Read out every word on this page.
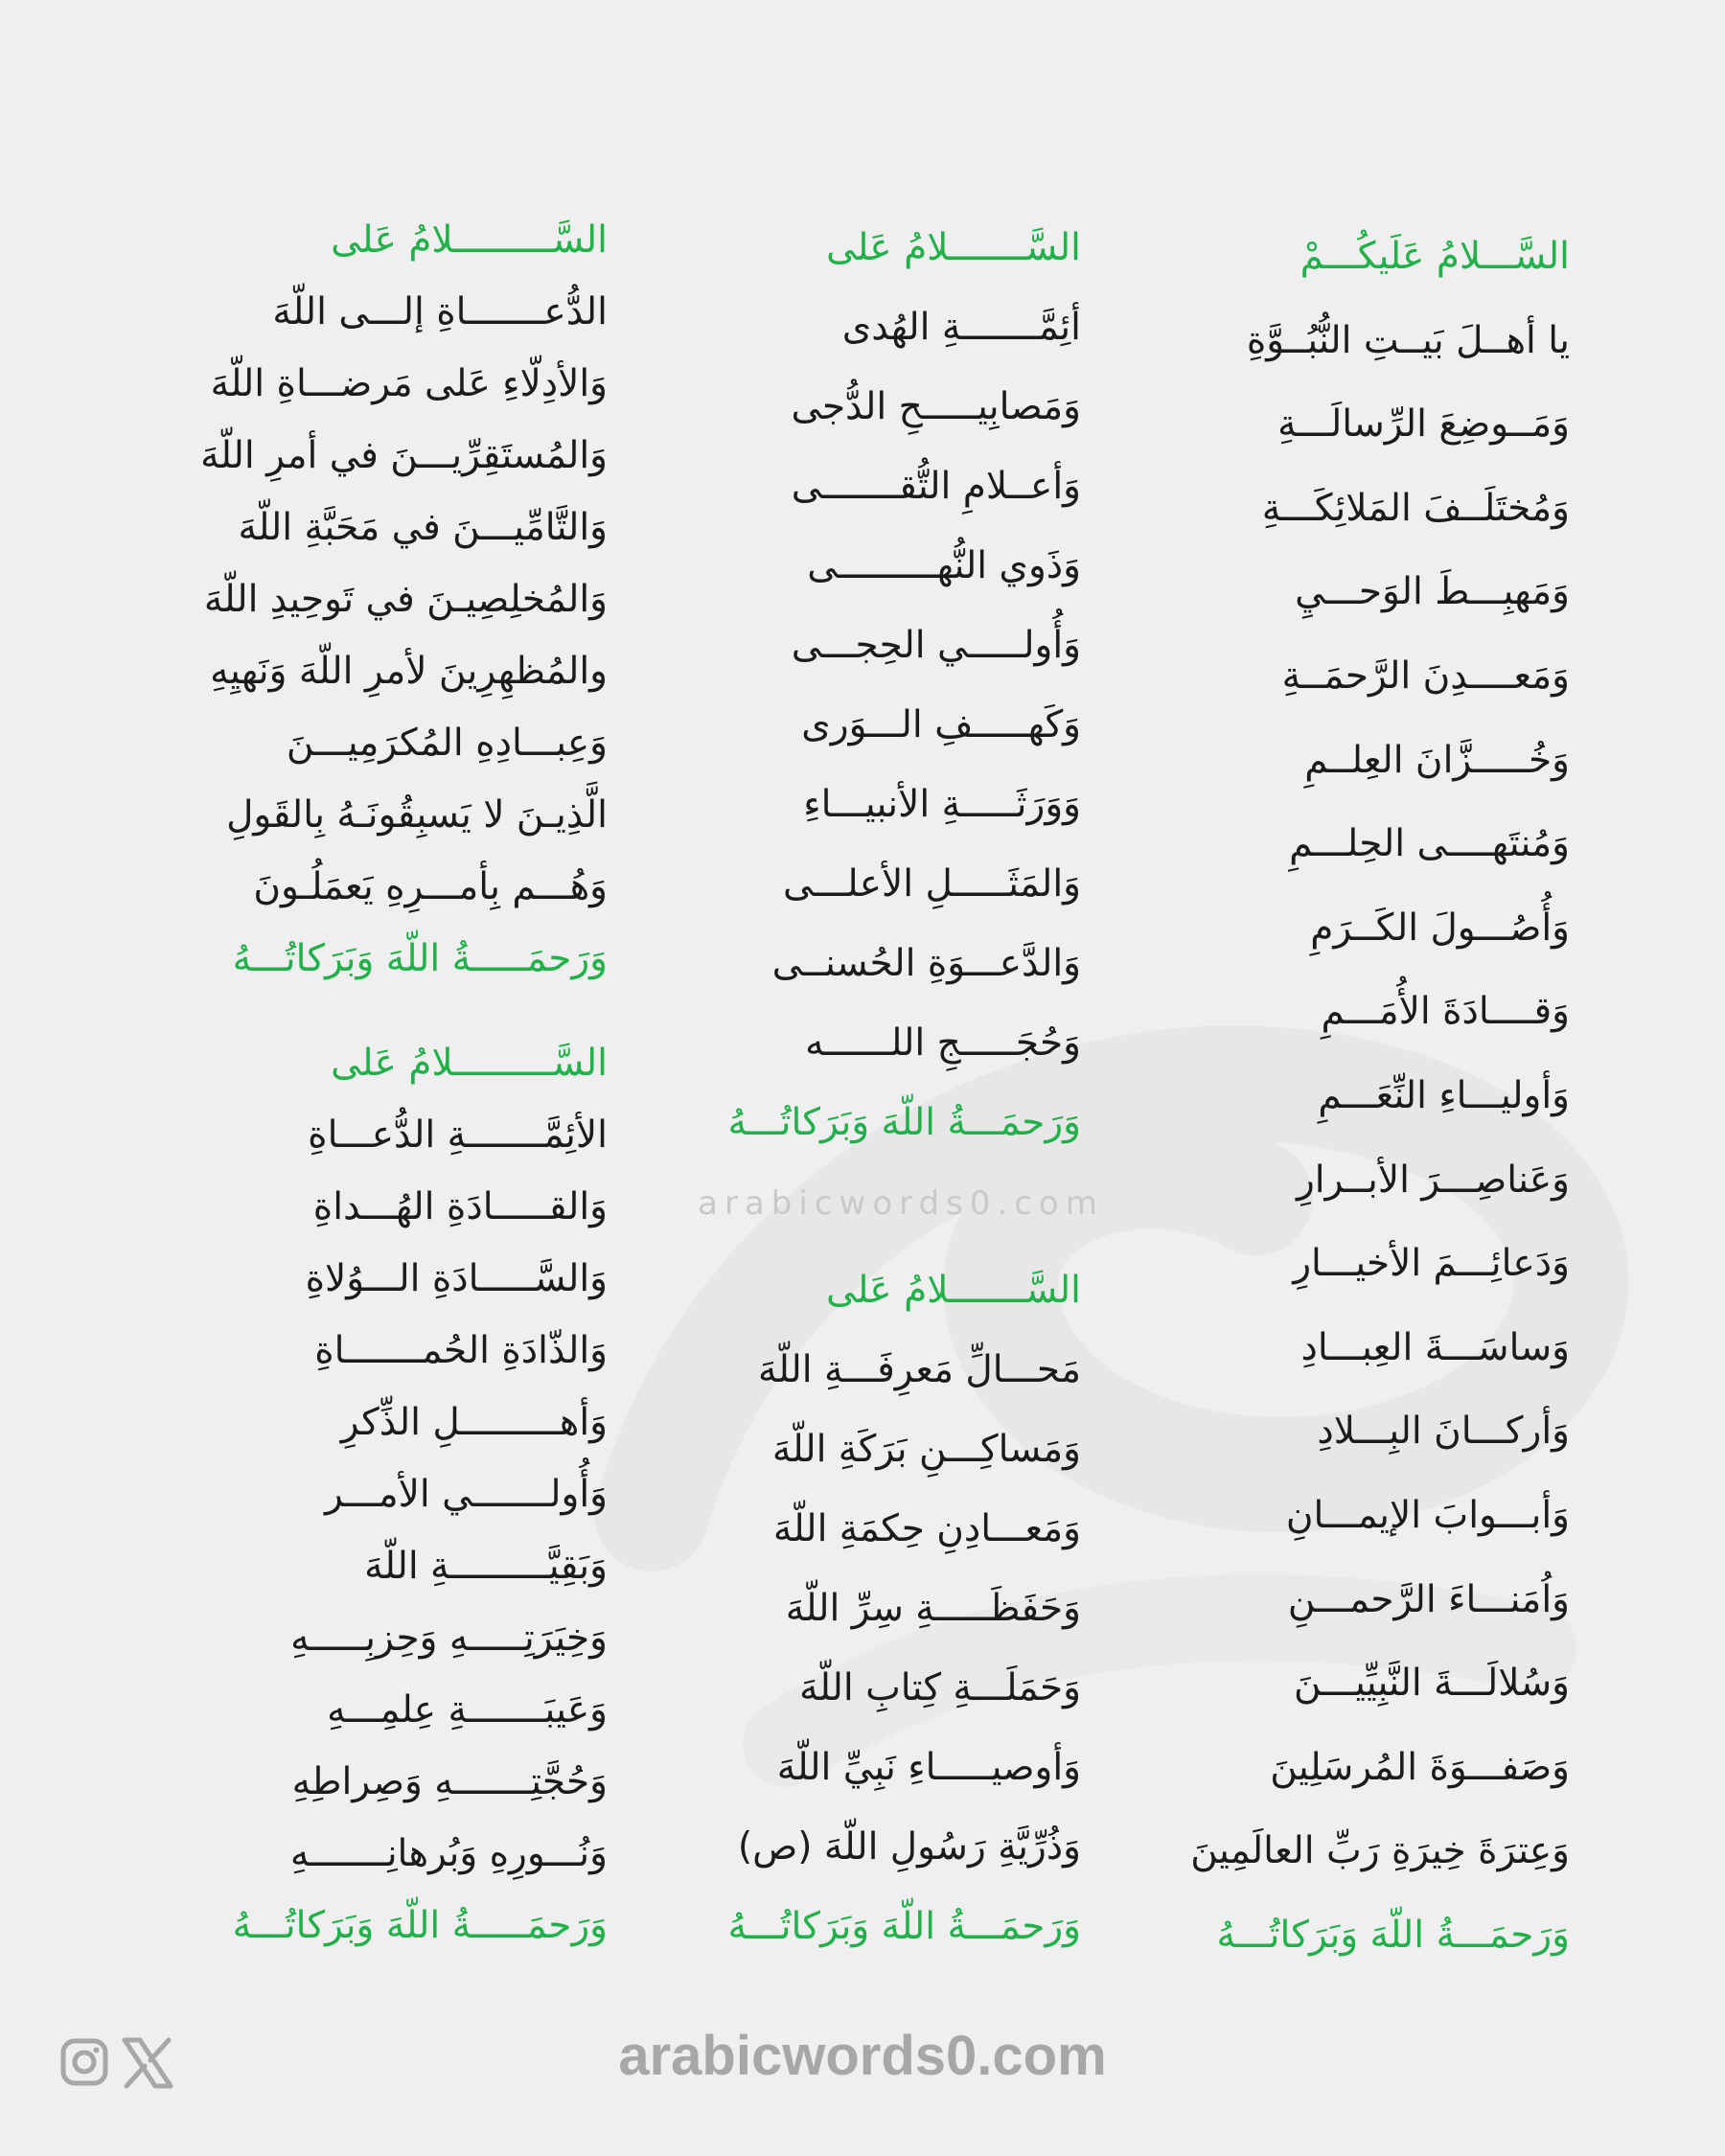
السَّـــلامُ عَلَيكُـــمْ
يا أهــلَ بَيــتِ النُّبُــوَّةِ
وَمَــوضِعَ الرِّسالَـــةِ
وَمُختَلَــفَ المَلائِكَـــةِ
وَمَهبِـــطَ الوَحـــيِ
وَمَعــــدِنَ الرَّحمَــةِ
وَخُـــــزَّانَ العِلــمِ
وَمُنتَهــــى الحِلـــمِ
وَأُصُـــولَ الكَــرَمِ
وَقــــادَةَ الأُمَـــمِ
وَأوليـــاءِ النِّعَـــمِ
وَعَناصِـــرَ الأبــرارِ
وَدَعائِـــمَ الأخيـــارِ
وَساسَـــةَ العِبـــادِ
وَأركـــانَ البِـــلادِ
وَأبـــوابَ الإيمـــانِ
وَاُمَنـــاءَ الرَّحمـــنِ
وَسُلالَـــةَ النَّبِيِّيـــنَ
وَصَفـــوَةَ المُرسَلِينَ
وَعِترَةَ خِيرَةِ رَبِّ العالَمِينَ
وَرَحمَـــةُ اللّهَ وَبَرَكاتُـــهُ
السَّـــــــلامُ عَلى
أئِمَّـــــــةِ الهُدى
وَمَصابِيـــــحِ الدُّجى
وَأعــلامِ التُّقـــــــى
وَذَوي النُّهـــــــــى
وَأُولـــــي الحِجـــى
وَكَهـــــفِ الـــوَرى
وَوَرَثَـــــةِ الأنبيـــاءِ
وَالمَثَـــــلِ الأعلـــى
وَالدَّعـــوَةِ الحُسنــى
وَحُجَـــــجِ اللــــــه
وَرَحمَـــةُ اللّهَ وَبَرَكاتُـــهُ
arabicwords0.com
السَّـــــــلامُ عَلى
مَحـــالِّ مَعرِفَـــةِ اللّهَ
وَمَساكِـــنِ بَرَكَةِ اللّهَ
وَمَعـــادِنِ حِكمَةِ اللّهَ
وَحَفَظَـــــةِ سِرِّ اللّهَ
وَحَمَلَـــةِ كِتابِ اللّهَ
وَأوصيـــــاءِ نَبِيِّ اللّهَ
وَذُرِّيَّةِ رَسُولِ اللّهَ (ص)
وَرَحمَـــةُ اللّهَ وَبَرَكاتُـــهُ
السَّـــــــــلامُ عَلى
الدُّعـــــــاةِ إلـــى اللّهَ
وَالأدِلّاءِ عَلى مَرضـــاةِ اللّهَ
وَالمُستَقِرِّيـــنَ في أمرِ اللّهَ
وَالتَّامِّيـــنَ في مَحَبَّةِ اللّهَ
وَالمُخلِصِيـنَ في تَوحِيدِ اللّهَ
والمُظهِرِينَ لأمرِ اللّهَ وَنَهيِهِ
وَعِبـــادِهِ المُكرَمِيـــنَ
الَّذِيـنَ لا يَسبِقُونَـهُ بِالقَولِ
وَهُـــم بِأمـــرِهِ يَعمَلُـونَ
وَرَحمَـــــةُ اللّهَ وَبَرَكاتُـــهُ
السَّـــــــــلامُ عَلى
الأئِمَّـــــــةِ الدُّعـــاةِ
وَالقـــــادَةِ الهُـــداةِ
وَالسَّـــــادَةِ الـــوُلاةِ
وَالذّادَةِ الحُمـــــــاةِ
وَأهـــــــــلِ الذِّكرِ
وَأُولـــــــي الأمـــر
وَبَقِيَّـــــــــةِ اللّهَ
وَخِيَرَتِـــــهِ وَحِزبِـــــهِ
وَعَيبَـــــــةِ عِلمِـــهِ
وَحُجَّتِـــــــهِ وَصِراطِهِ
وَنُـــورِهِ وَبُرهانِـــــــهِ
وَرَحمَـــــةُ اللّهَ وَبَرَكاتُـــهُ
arabicwords0.com
